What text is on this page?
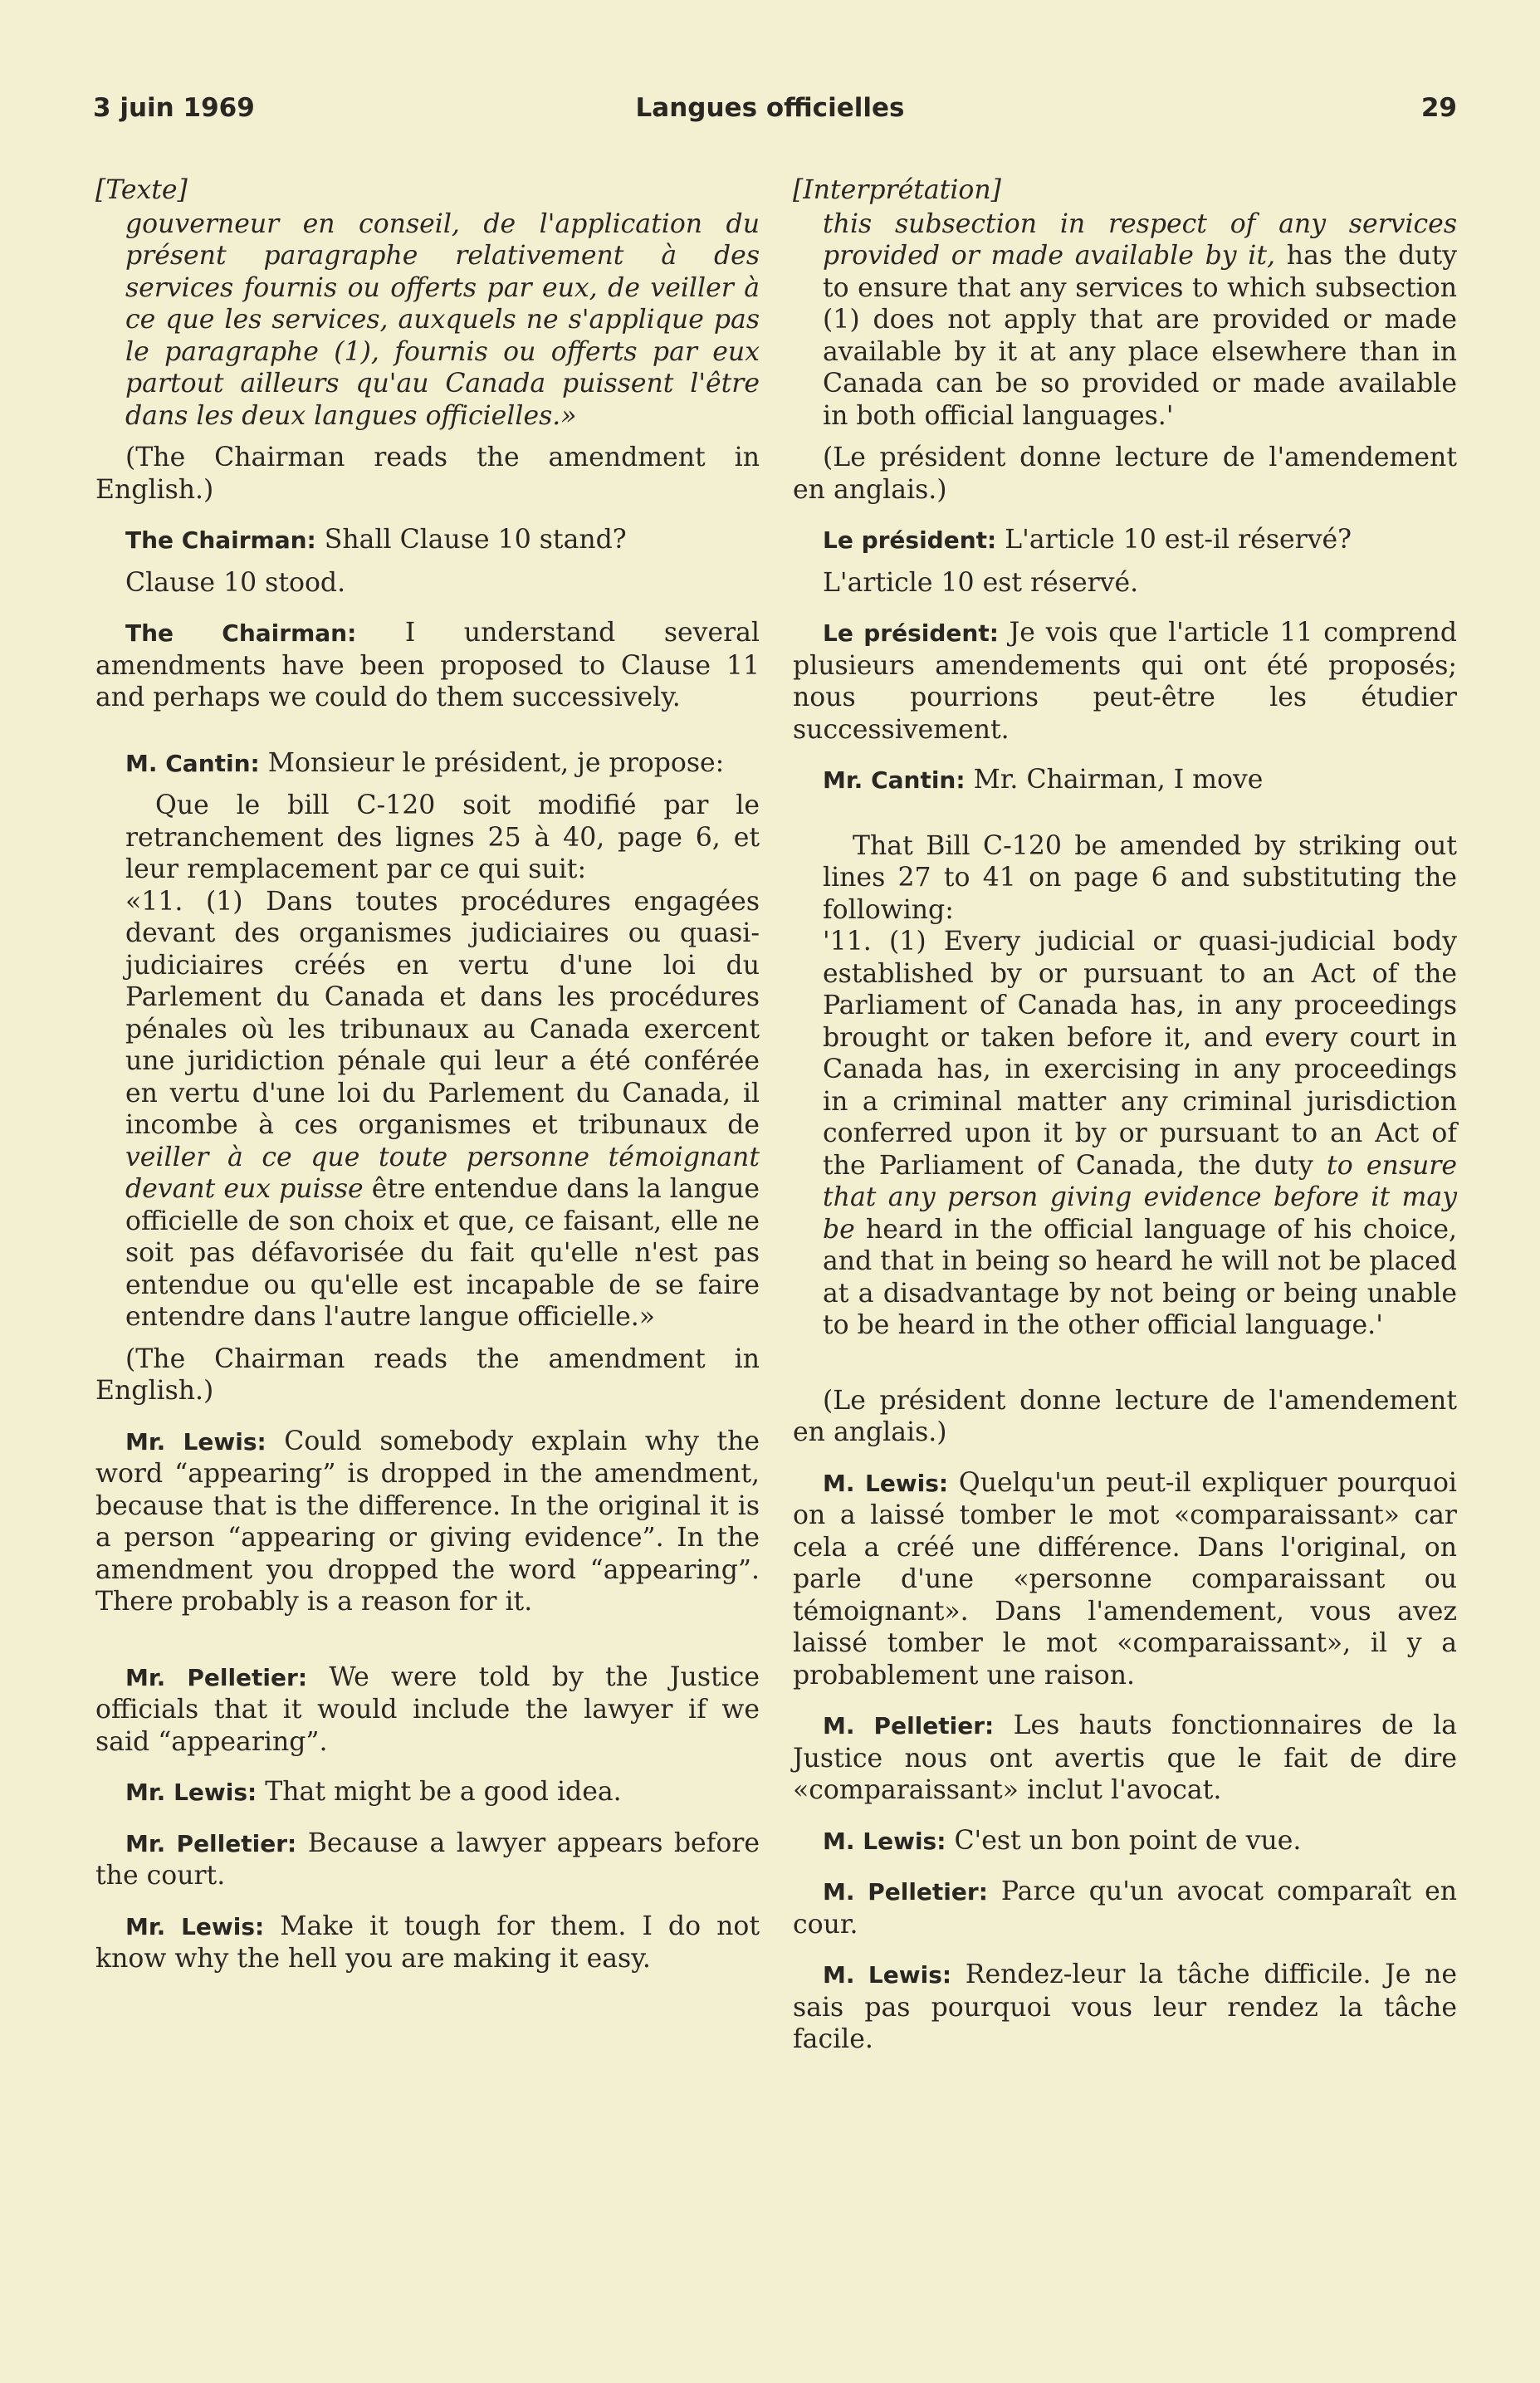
3 juin 1969	Langues officielles	29
[Texte]

gouverneur en conseil, de l'application du présent paragraphe relativement à des services fournis ou offerts par eux, de veiller à ce que les services, auxquels ne s'applique pas le paragraphe (1), fournis ou offerts par eux partout ailleurs qu'au Canada puissent l'être dans les deux langues officielles.»

(The Chairman reads the amendment in English.)

The Chairman: Shall Clause 10 stand?

Clause 10 stood.

The Chairman: I understand several amendments have been proposed to Clause 11 and perhaps we could do them successively.

M. Cantin: Monsieur le président, je propose:

Que le bill C-120 soit modifié par le retranchement des lignes 25 à 40, page 6, et leur remplacement par ce qui suit:

«11. (1) Dans toutes procédures engagées devant des organismes judiciaires ou quasi-judiciaires créés en vertu d'une loi du Parlement du Canada et dans les procédures pénales où les tribunaux au Canada exercent une juridiction pénale qui leur a été conférée en vertu d'une loi du Parlement du Canada, il incombe à ces organismes et tribunaux de veiller à ce que toute personne témoignant devant eux puisse être entendue dans la langue officielle de son choix et que, ce faisant, elle ne soit pas défavorisée du fait qu'elle n'est pas entendue ou qu'elle est incapable de se faire entendre dans l'autre langue officielle.»

(The Chairman reads the amendment in English.)

Mr. Lewis: Could somebody explain why the word “appearing” is dropped in the amendment, because that is the difference. In the original it is a person “appearing or giving evidence”. In the amendment you dropped the word “appearing”. There probably is a reason for it.

Mr. Pelletier: We were told by the Justice officials that it would include the lawyer if we said “appearing”.

Mr. Lewis: That might be a good idea.

Mr. Pelletier: Because a lawyer appears before the court.

Mr. Lewis: Make it tough for them. I do not know why the hell you are making it easy.

[Interprétation]

this subsection in respect of any services provided or made available by it, has the duty to ensure that any services to which subsection (1) does not apply that are provided or made available by it at any place elsewhere than in Canada can be so provided or made available in both official languages.'

(Le président donne lecture de l'amendement en anglais.)

Le président: L'article 10 est-il réservé?

L'article 10 est réservé.

Le président: Je vois que l'article 11 comprend plusieurs amendements qui ont été proposés; nous pourrions peut-être les étudier successivement.

Mr. Cantin: Mr. Chairman, I move

That Bill C-120 be amended by striking out lines 27 to 41 on page 6 and substituting the following:

'11. (1) Every judicial or quasi-judicial body established by or pursuant to an Act of the Parliament of Canada has, in any proceedings brought or taken before it, and every court in Canada has, in exercising in any proceedings in a criminal matter any criminal jurisdiction conferred upon it by or pursuant to an Act of the Parliament of Canada, the duty to ensure that any person giving evidence before it may be heard in the official language of his choice, and that in being so heard he will not be placed at a disadvantage by not being or being unable to be heard in the other official language.'

(Le président donne lecture de l'amendement en anglais.)

M. Lewis: Quelqu'un peut-il expliquer pourquoi on a laissé tomber le mot «comparaissant» car cela a créé une différence. Dans l'original, on parle d'une «personne comparaissant ou témoignant». Dans l'amendement, vous avez laissé tomber le mot «comparaissant», il y a probablement une raison.

M. Pelletier: Les hauts fonctionnaires de la Justice nous ont avertis que le fait de dire «comparaissant» inclut l'avocat.

M. Lewis: C'est un bon point de vue.

M. Pelletier: Parce qu'un avocat comparaît en cour.

M. Lewis: Rendez-leur la tâche difficile. Je ne sais pas pourquoi vous leur rendez la tâche facile.
